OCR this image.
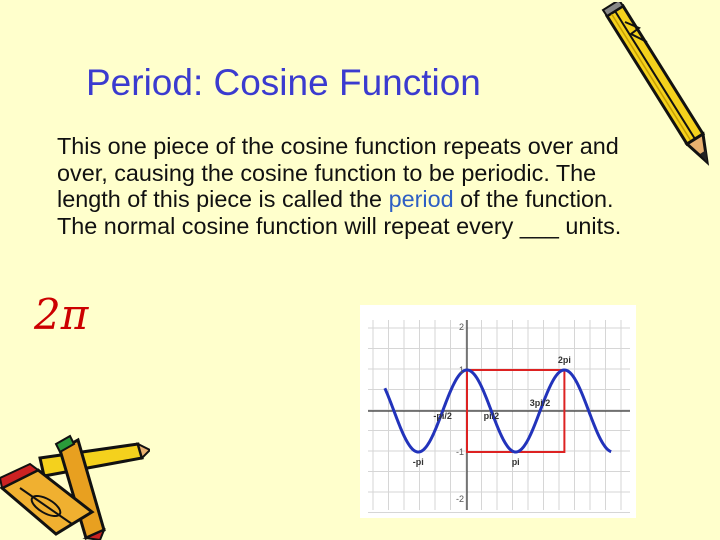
Period: Cosine Function
This one piece of the cosine function repeats over and over, causing the cosine function to be periodic. The length of this piece is called the period of the function. The normal cosine function will repeat every ___ units.
2π	2
1
-1
-2
-pi
-pi/2	pi/2
3pi/2
pi
2pi
